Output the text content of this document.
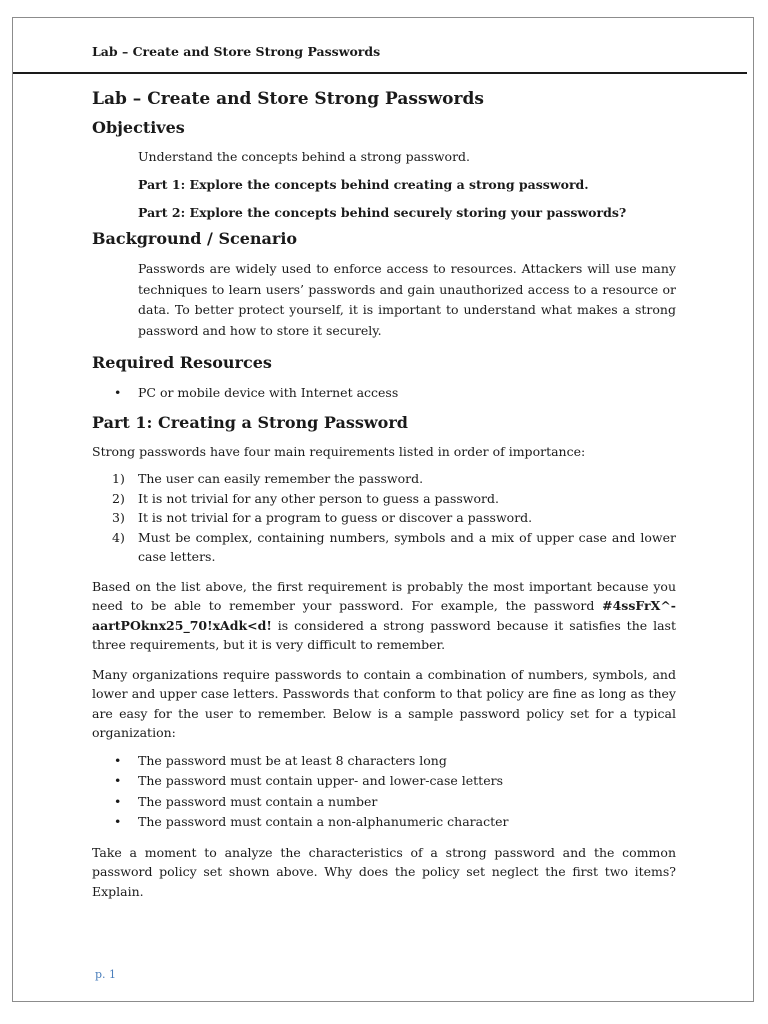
Lab – Create and Store Strong Passwords
Lab – Create and Store Strong Passwords
Objectives

Understand the concepts behind a strong password.

Part 1: Explore the concepts behind creating a strong password.

Part 2: Explore the concepts behind securely storing your passwords?

Background / Scenario

Passwords are widely used to enforce access to resources. Attackers will use many techniques to learn users’ passwords and gain unauthorized access to a resource or data. To better protect yourself, it is important to understand what makes a strong password and how to store it securely.

Required Resources
• PC or mobile device with Internet access
Part 1: Creating a Strong Password

Strong passwords have four main requirements listed in order of importance:

1) The user can easily remember the password.
2) It is not trivial for any other person to guess a password.
3) It is not trivial for a program to guess or discover a password.
4) Must be complex, containing numbers, symbols and a mix of upper case and lower case letters.

Based on the list above, the first requirement is probably the most important because you need to be able to remember your password. For example, the password #4ssFrX^-aartPOknx25_70!xAdk<d! is considered a strong password because it satisfies the last three requirements, but it is very difficult to remember.

Many organizations require passwords to contain a combination of numbers, symbols, and lower and upper case letters. Passwords that conform to that policy are fine as long as they are easy for the user to remember. Below is a sample password policy set for a typical organization:

• The password must be at least 8 characters long
• The password must contain upper- and lower-case letters
• The password must contain a number
• The password must contain a non-alphanumeric character

Take a moment to analyze the characteristics of a strong password and the common password policy set shown above. Why does the policy set neglect the first two items? Explain.

p. 1
